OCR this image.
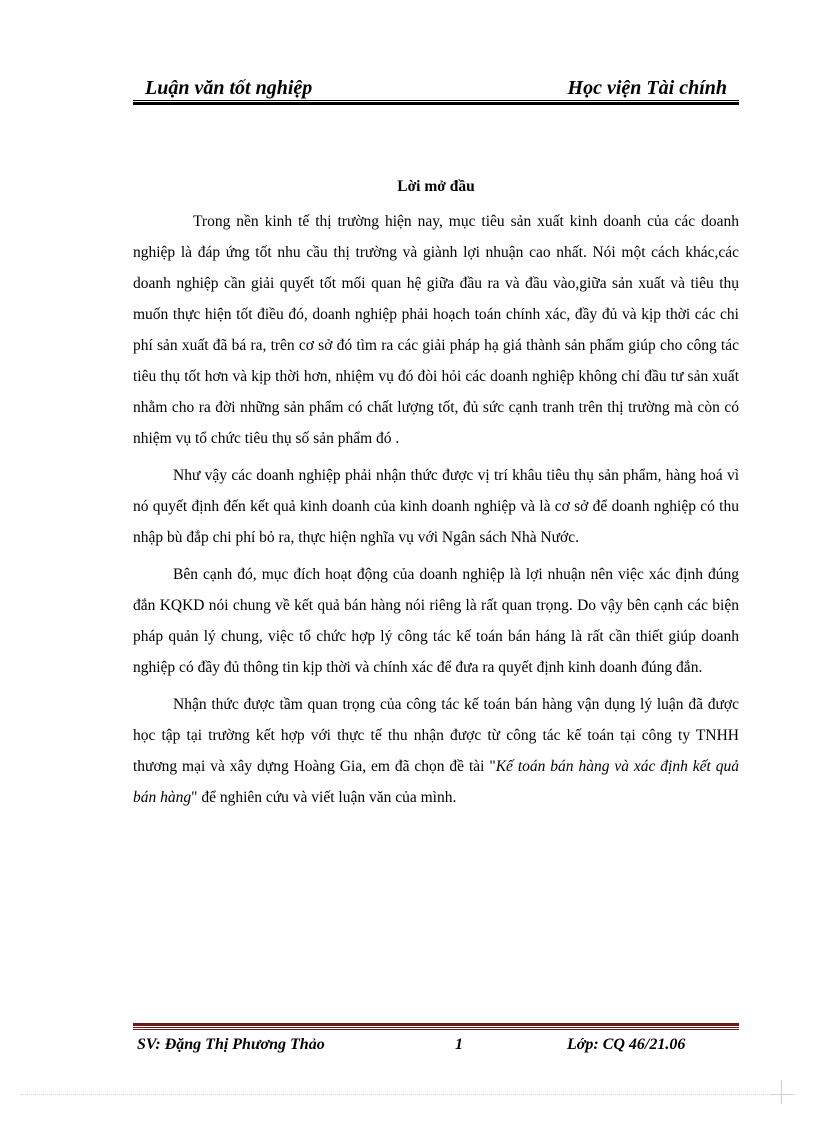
Luận văn tốt nghiệp	Học viện Tài chính
Lời mở đầu

Trong nền kinh tế thị trường hiện nay, mục tiêu sản xuất kinh doanh của các doanh nghiệp là đáp ứng tốt nhu cầu thị trường và giành lợi nhuận cao nhất. Nói một cách khác,các doanh nghiệp cần giải quyết tốt mối quan hệ giữa đầu ra và đầu vào,giữa sản xuất và tiêu thụ muốn thực hiện tốt điều đó, doanh nghiệp phải hoạch toán chính xác, đầy đủ và kịp thời các chi phí sản xuất đã bá ra, trên cơ sở đó tìm ra các giải pháp hạ giá thành sản phẩm giúp cho công tác tiêu thụ tốt hơn và kịp thời hơn, nhiệm vụ đó đòi hỏi các doanh nghiệp không chỉ đầu tư sản xuất nhằm cho ra đời những sản phẩm có chất lượng tốt, đủ sức cạnh tranh trên thị trường mà còn có nhiệm vụ tổ chức tiêu thụ số sản phẩm đó .

Như vậy các doanh nghiệp phải nhận thức được vị trí khâu tiêu thụ sản phẩm, hàng hoá vì nó quyết định đến kết quả kinh doanh của kinh doanh nghiệp và là cơ sở để doanh nghiệp có thu nhập bù đắp chi phí bỏ ra, thực hiện nghĩa vụ với Ngân sách Nhà Nước.

Bên cạnh đó, mục đích hoạt động của doanh nghiệp là lợi nhuận nên việc xác định đúng đắn KQKD nói chung về kết quả bán hàng nói riêng là rất quan trọng. Do vậy bên cạnh các biện pháp quản lý chung, việc tổ chức hợp lý công tác kế toán bán háng là rất cần thiết giúp doanh nghiệp có đầy đủ thông tin kịp thời và chính xác để đưa ra quyết định kinh doanh đúng đắn.

Nhận thức được tầm quan trọng của công tác kế toán bán hàng vận dụng lý luận đã được học tập tại trường kết hợp với thực tế thu nhận được từ công tác kế toán tại công ty TNHH thương mại và xây dựng Hoàng Gia, em đã chọn đề tài "Kế toán bán hàng và xác định kết quả bán hàng" để nghiên cứu và viết luận văn của mình.

SV: Đặng Thị Phương Thảo	1	Lớp: CQ 46/21.06
